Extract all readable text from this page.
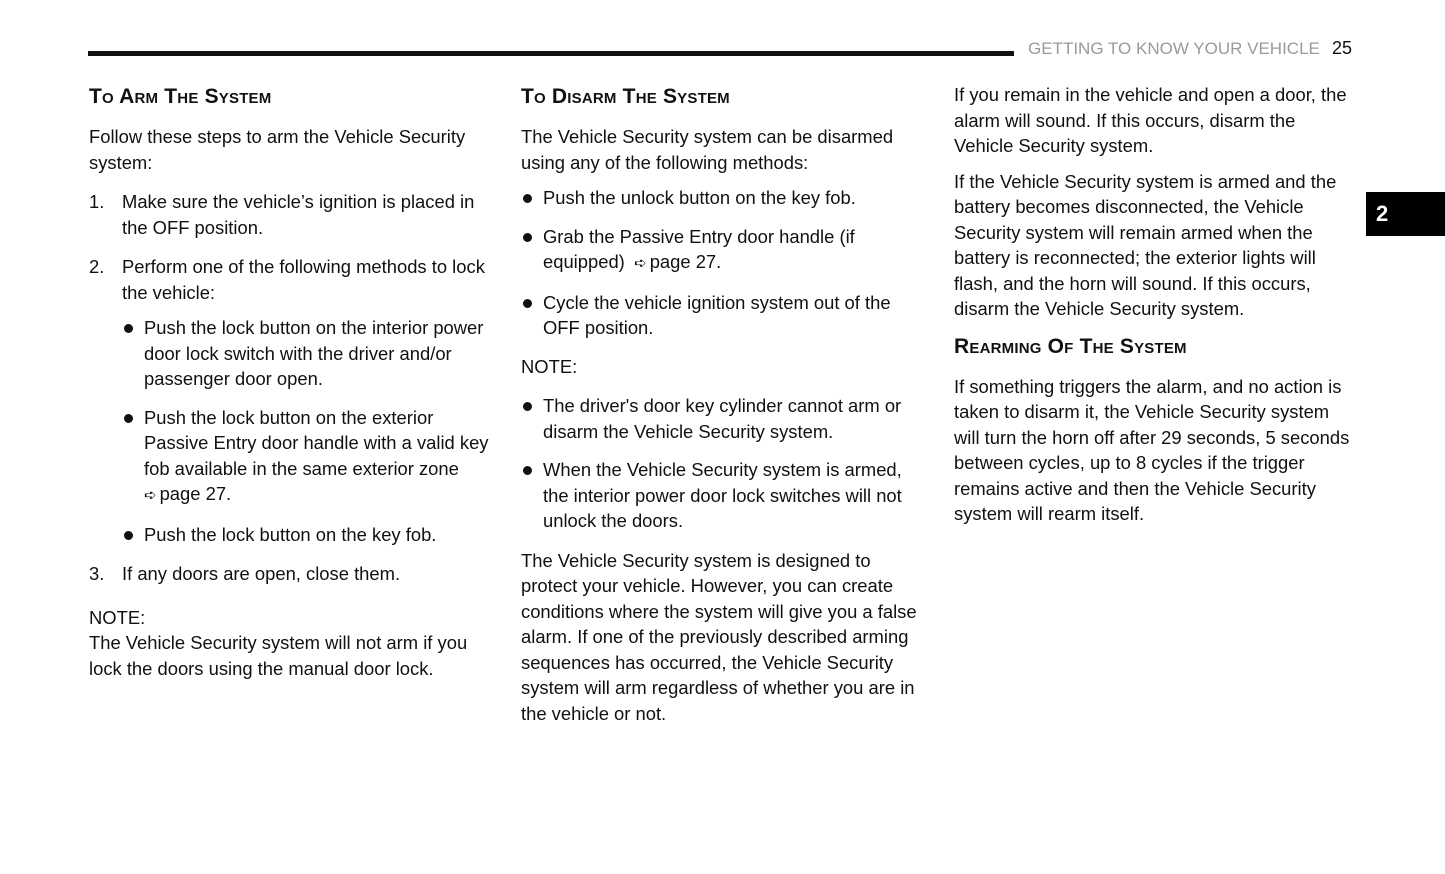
GETTING TO KNOW YOUR VEHICLE 25
2
To Arm The System

Follow these steps to arm the Vehicle Security system:

1. Make sure the vehicle’s ignition is placed in the OFF position.
2. Perform one of the following methods to lock the vehicle:
Push the lock button on the interior power door lock switch with the driver and/or passenger door open.
Push the lock button on the exterior Passive Entry door handle with a valid key fob available in the same exterior zone
➪ page 27.
Push the lock button on the key fob.
3. If any doors are open, close them.

NOTE:

The Vehicle Security system will not arm if you lock the doors using the manual door lock.

To Disarm The System

The Vehicle Security system can be disarmed using any of the following methods:

Push the unlock button on the key fob.
Grab the Passive Entry door handle (if equipped)  ➪ page 27.
Cycle the vehicle ignition system out of the OFF position.

NOTE:

The driver's door key cylinder cannot arm or disarm the Vehicle Security system.
When the Vehicle Security system is armed, the interior power door lock switches will not unlock the doors.

The Vehicle Security system is designed to protect your vehicle. However, you can create conditions where the system will give you a false alarm. If one of the previously described arming sequences has occurred, the Vehicle Security system will arm regardless of whether you are in the vehicle or not.

If you remain in the vehicle and open a door, the alarm will sound. If this occurs, disarm the Vehicle Security system.

If the Vehicle Security system is armed and the battery becomes disconnected, the Vehicle Security system will remain armed when the battery is reconnected; the exterior lights will flash, and the horn will sound. If this occurs, disarm the Vehicle Security system.

Rearming Of The System

If something triggers the alarm, and no action is taken to disarm it, the Vehicle Security system will turn the horn off after 29 seconds, 5 seconds between cycles, up to 8 cycles if the trigger remains active and then the Vehicle Security system will rearm itself.
